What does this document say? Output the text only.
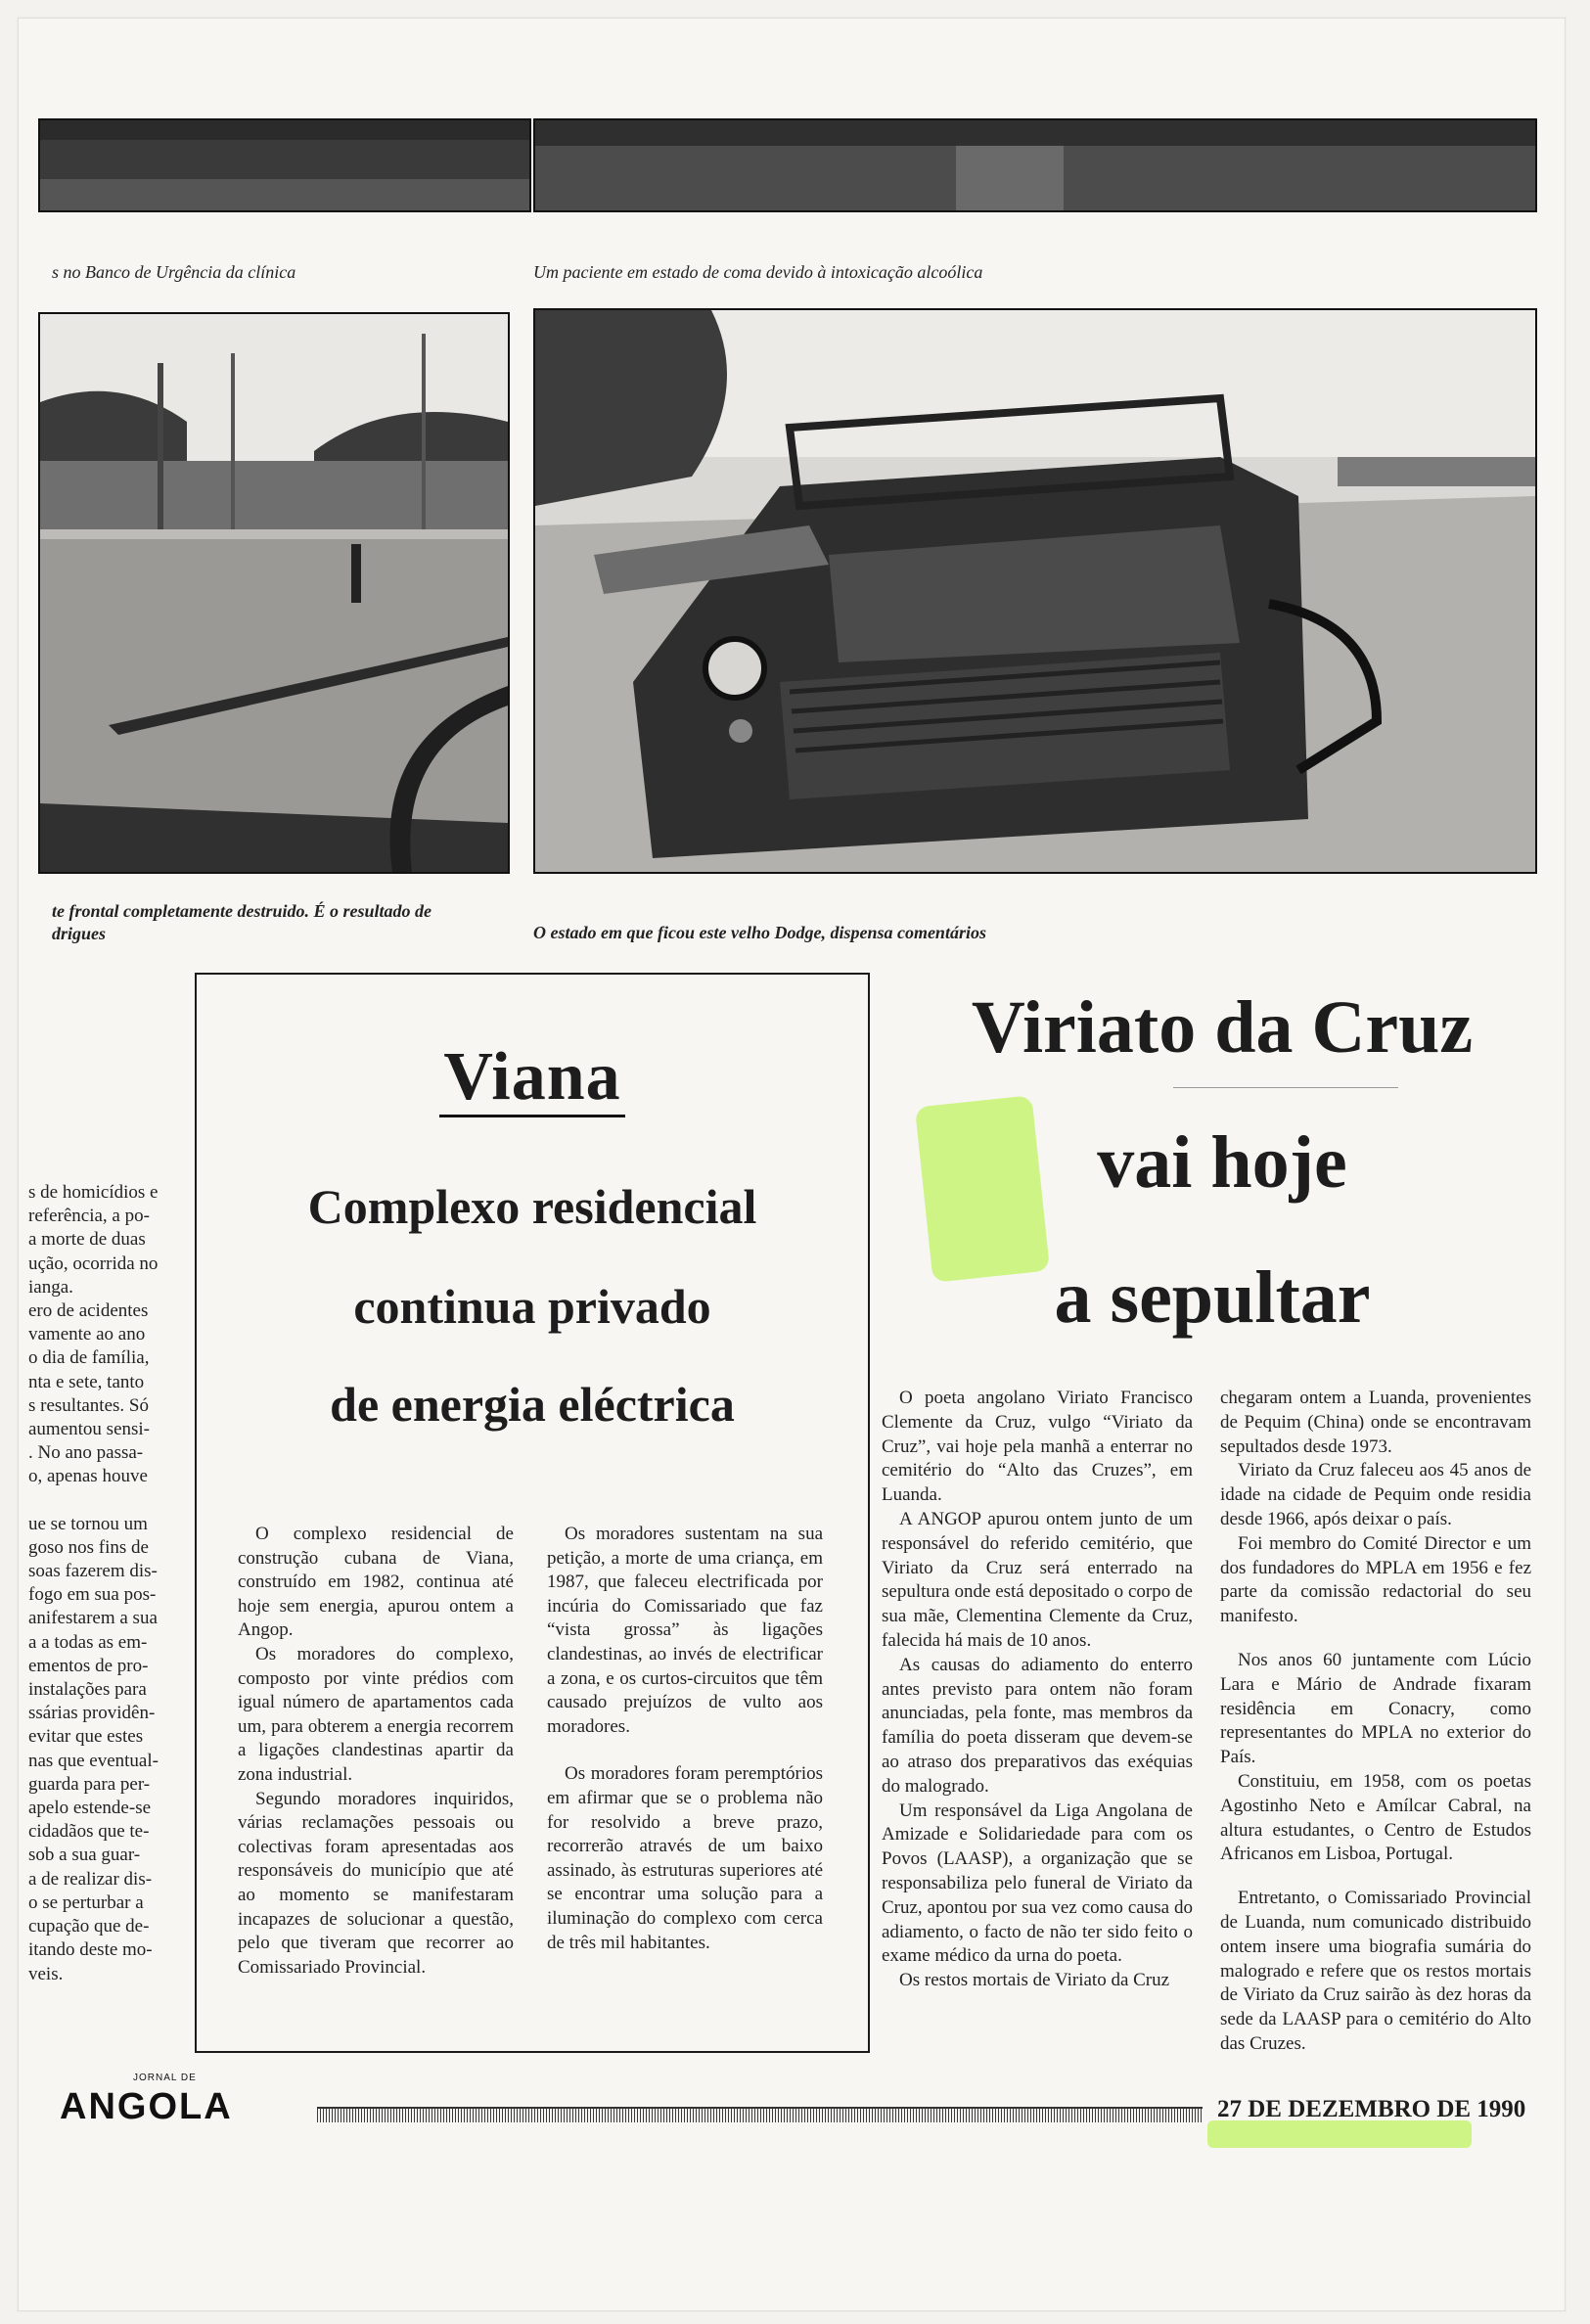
s no Banco de Urgência da clínica	Um paciente em estado de coma devido à intoxicação alcoólica
te frontal completamente destruido. É o resultado de
drigues	O estado em que ficou este velho Dodge, dispensa comentários
s de homicídios e
referência, a po-
a morte de duas
ução, ocorrida no
ianga.
ero de acidentes
vamente ao ano
o dia de família,
nta e sete, tanto
s resultantes. Só
aumentou sensi-
. No ano passa-
o, apenas houve
ue se tornou um
goso nos fins de
soas fazerem dis-
fogo em sua pos-
anifestarem a sua
a a todas as em-
ementos de pro-
instalações para
ssárias providên-
evitar que estes
nas que eventual-
guarda para per-
apelo estende-se
cidadãos que te-
sob a sua guar-
a de realizar dis-
o se perturbar a
cupação que de-
itando deste mo-
veis.
Viana
Complexo residencial
continua privado
de energia eléctrica

O complexo residencial de construção cubana de Viana, construído em 1982, continua até hoje sem energia, apurou ontem a Angop.

Os moradores do complexo, composto por vinte prédios com igual número de apartamentos cada um, para obterem a energia recorrem a ligações clandestinas apartir da zona industrial.

Segundo moradores inquiridos, várias reclamações pessoais ou colectivas foram apresentadas aos responsáveis do município que até ao momento se manifestaram incapazes de solucionar a questão, pelo que tiveram que recorrer ao Comissariado Provincial.

Os moradores sustentam na sua petição, a morte de uma criança, em 1987, que faleceu electrificada por incúria do Comissariado que faz “vista grossa” às ligações clandestinas, ao invés de electrificar a zona, e os curtos-circuitos que têm causado prejuízos de vulto aos moradores.

Os moradores foram peremptórios em afirmar que se o problema não for resolvido a breve prazo, recorrerão através de um baixo assinado, às estruturas superiores até se encontrar uma solução para a iluminação do complexo com cerca de três mil habitantes.

Viriato da Cruz
vai hoje
a sepultar

O poeta angolano Viriato Francisco Clemente da Cruz, vulgo “Viriato da Cruz”, vai hoje pela manhã a enterrar no cemitério do “Alto das Cruzes”, em Luanda.

A ANGOP apurou ontem junto de um responsável do referido cemitério, que Viriato da Cruz será enterrado na sepultura onde está depositado o corpo de sua mãe, Clementina Clemente da Cruz, falecida há mais de 10 anos.

As causas do adiamento do enterro antes previsto para ontem não foram anunciadas, pela fonte, mas membros da família do poeta disseram que devem-se ao atraso dos preparativos das exéquias do malogrado.

Um responsável da Liga Angolana de Amizade e Solidariedade para com os Povos (LAASP), a organização que se responsabiliza pelo funeral de Viriato da Cruz, apontou por sua vez como causa do adiamento, o facto de não ter sido feito o exame médico da urna do poeta.

Os restos mortais de Viriato da Cruz

chegaram ontem a Luanda, provenientes de Pequim (China) onde se encontravam sepultados desde 1973.

Viriato da Cruz faleceu aos 45 anos de idade na cidade de Pequim onde residia desde 1966, após deixar o país.

Foi membro do Comité Director e um dos fundadores do MPLA em 1956 e fez parte da comissão redactorial do seu manifesto.

Nos anos 60 juntamente com Lúcio Lara e Mário de Andrade fixaram residência em Conacry, como representantes do MPLA no exterior do País.

Constituiu, em 1958, com os poetas Agostinho Neto e Amílcar Cabral, na altura estudantes, o Centro de Estudos Africanos em Lisboa, Portugal.

Entretanto, o Comissariado Provincial de Luanda, num comunicado distribuido ontem insere uma biografia sumária do malogrado e refere que os restos mortais de Viriato da Cruz sairão às dez horas da sede da LAASP para o cemitério do Alto das Cruzes.

JORNAL DE
ANGOLA	27 DE DEZEMBRO DE 1990
